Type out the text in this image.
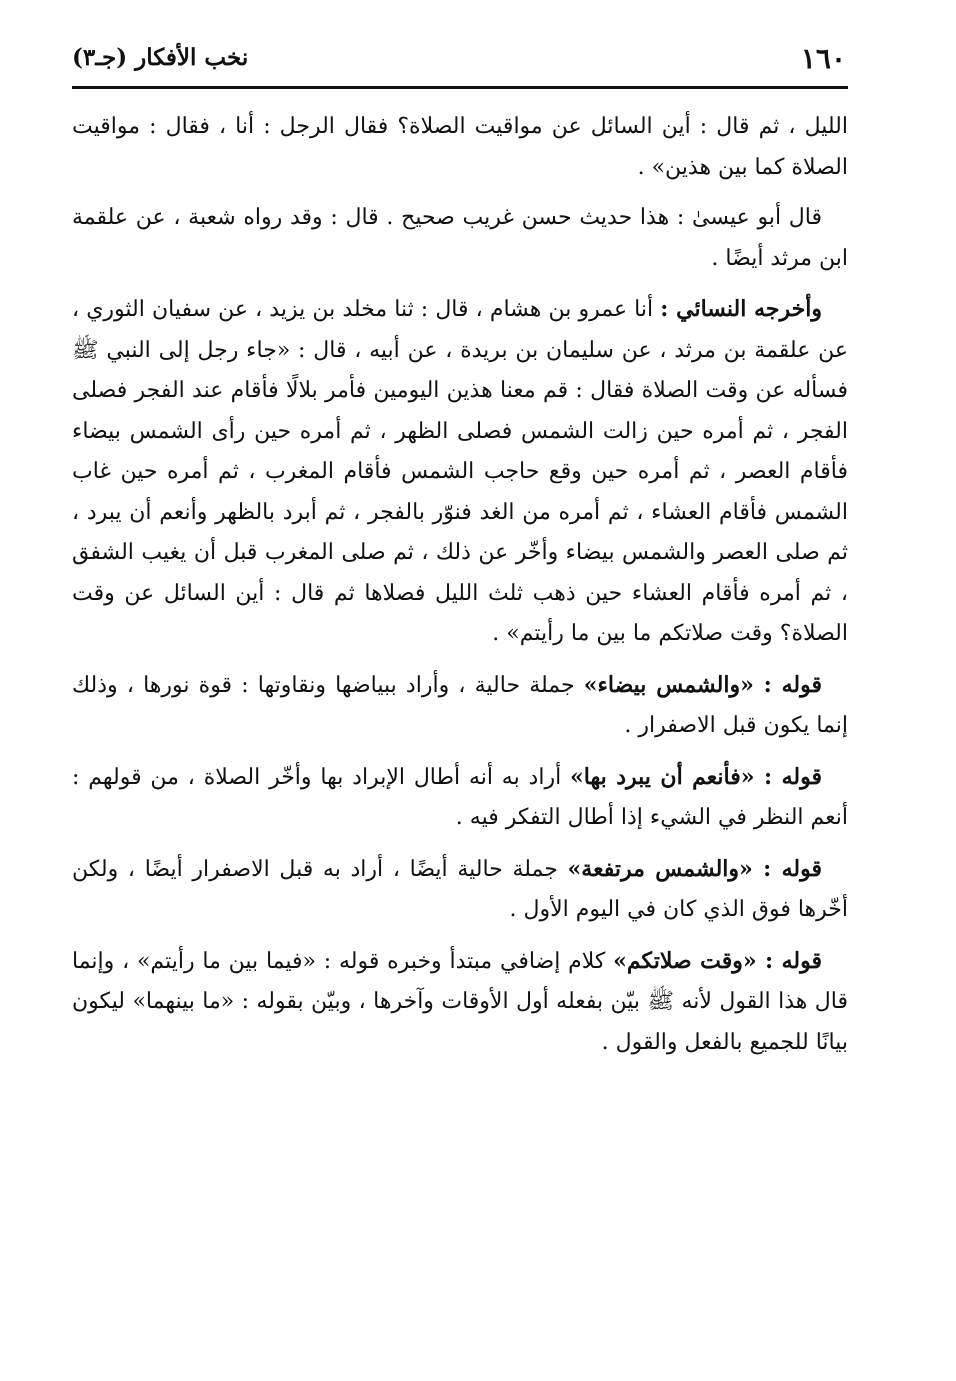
١٦٠
نخب الأفكار (جـ٣)

الليل ، ثم قال : أين السائل عن مواقيت الصلاة؟ فقال الرجل : أنا ، فقال : مواقيت الصلاة كما بين هذين» .

قال أبو عيسىٰ : هذا حديث حسن غريب صحيح . قال : وقد رواه شعبة ، عن علقمة ابن مرثد أيضًا .

وأخرجه النسائي : أنا عمرو بن هشام ، قال : ثنا مخلد بن يزيد ، عن سفيان الثوري ، عن علقمة بن مرثد ، عن سليمان بن بريدة ، عن أبيه ، قال : «جاء رجل إلى النبي ﷺ فسأله عن وقت الصلاة فقال : قم معنا هذين اليومين فأمر بلالًا فأقام عند الفجر فصلى الفجر ، ثم أمره حين زالت الشمس فصلى الظهر ، ثم أمره حين رأى الشمس بيضاء فأقام العصر ، ثم أمره حين وقع حاجب الشمس فأقام المغرب ، ثم أمره حين غاب الشمس فأقام العشاء ، ثم أمره من الغد فنوّر بالفجر ، ثم أبرد بالظهر وأنعم أن يبرد ، ثم صلى العصر والشمس بيضاء وأخّر عن ذلك ، ثم صلى المغرب قبل أن يغيب الشفق ، ثم أمره فأقام العشاء حين ذهب ثلث الليل فصلاها ثم قال : أين السائل عن وقت الصلاة؟ وقت صلاتكم ما بين ما رأيتم» .

قوله : «والشمس بيضاء» جملة حالية ، وأراد ببياضها ونقاوتها : قوة نورها ، وذلك إنما يكون قبل الاصفرار .

قوله : «فأنعم أن يبرد بها» أراد به أنه أطال الإبراد بها وأخّر الصلاة ، من قولهم : أنعم النظر في الشيء إذا أطال التفكر فيه .

قوله : «والشمس مرتفعة» جملة حالية أيضًا ، أراد به قبل الاصفرار أيضًا ، ولكن أخّرها فوق الذي كان في اليوم الأول .

قوله : «وقت صلاتكم» كلام إضافي مبتدأ وخبره قوله : «فيما بين ما رأيتم» ، وإنما قال هذا القول لأنه ﷺ بيّن بفعله أول الأوقات وآخرها ، وبيّن بقوله : «ما بينهما» ليكون بيانًا للجميع بالفعل والقول .
